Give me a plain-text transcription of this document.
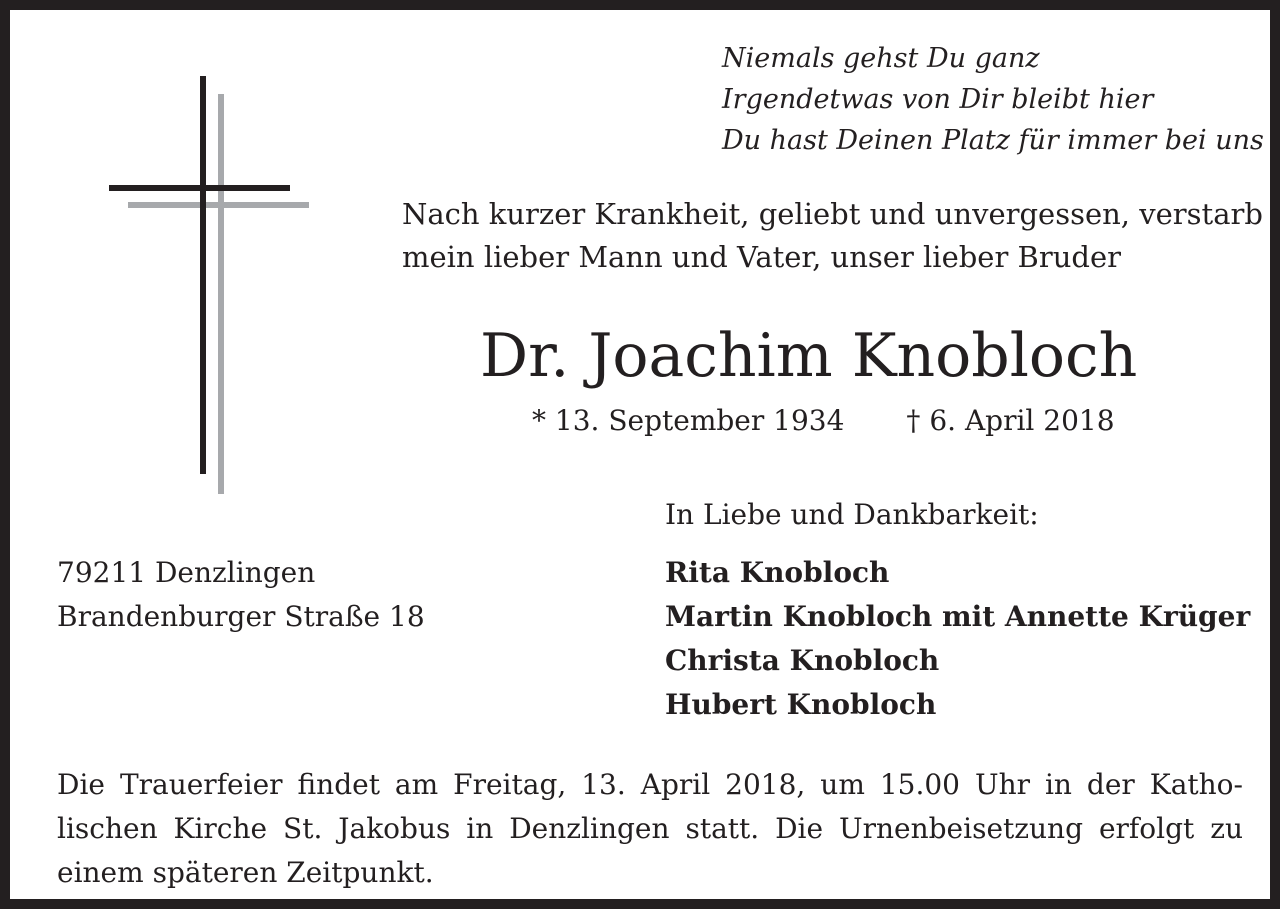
Niemals gehst Du ganz
Irgendetwas von Dir bleibt hier
Du hast Deinen Platz für immer bei uns
Nach kurzer Krankheit, geliebt und unvergessen, verstarb
mein lieber Mann und Vater, unser lieber Bruder
Dr. Joachim Knobloch
* 13. September 1934 † 6. April 2018
In Liebe und Dankbarkeit:
Rita Knobloch
Martin Knobloch mit Annette Krüger
Christa Knobloch
Hubert Knobloch
79211 Denzlingen
Brandenburger Straße 18
Die Trauerfeier findet am Freitag, 13. April 2018, um 15.00 Uhr in der Katho-
lischen Kirche St. Jakobus in Denzlingen statt. Die Urnenbeisetzung erfolgt zu
einem späteren Zeitpunkt.
